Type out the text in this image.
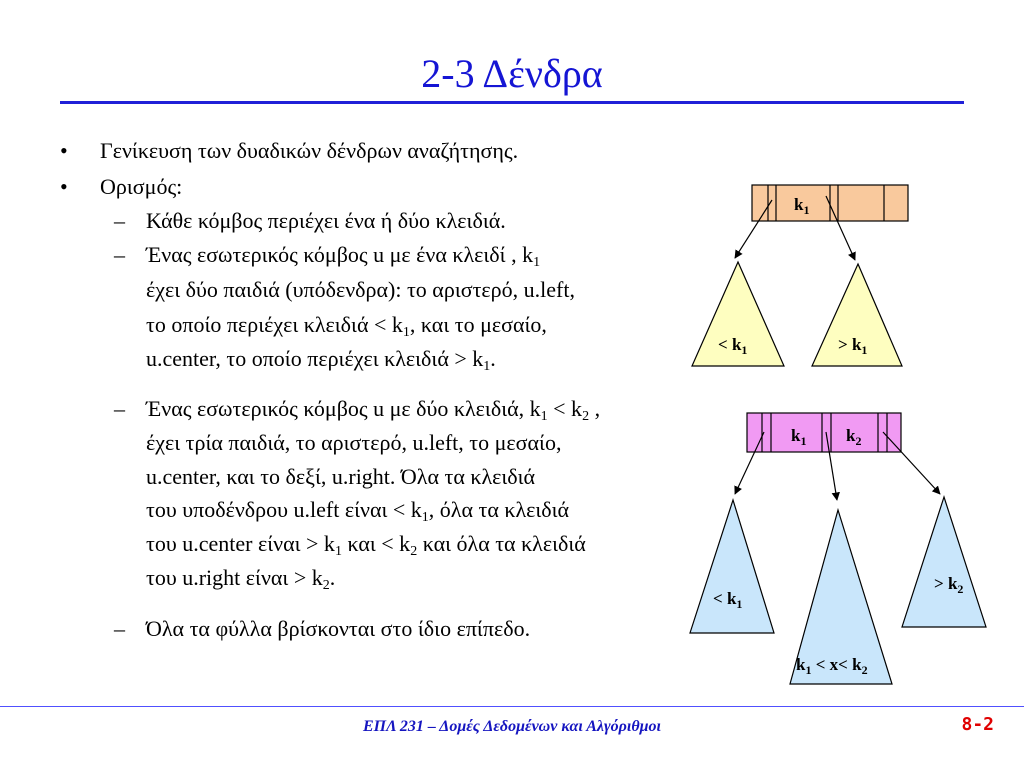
2-3 Δένδρα
• Γενίκευση των δυαδικών δένδρων αναζήτησης.
• Ορισμός:
– Κάθε κόμβος περιέχει ένα ή δύο κλειδιά.
– Ένας εσωτερικός κόμβος u με ένα κλειδί , $k_1$
έχει δύο παιδιά (υπόδενδρα): το αριστερό, u.left,
το οποίο περιέχει $\kappa\lambda\varepsilon\iota\delta\iota ά < k_1$, και το μεσαίο,
u.center, το οποίο περιέχει $\kappa\lambda\varepsilon\iota\delta\iota ά > k_1$.
– Ένας εσωτερικός κόμβος u με δύο κλειδιά, $k_1 < k_2$ ,
έχει τρία παιδιά, το αριστερό, u.left, το μεσαίο,
u.center, και το δεξί, u.right. Όλα τα κλειδιά
του υποδένδρου u.left $\varepsilon ί\nu\alpha\iota < k_1$, όλα τα κλειδιά
του u.center $\varepsilon ί\nu\alpha\iota > k_1$ $\kappa\alpha\iota < k_2$ και όλα τα κλειδιά
του u.right $\varepsilon ί\nu\alpha\iota > k_2$.
– Όλα τα φύλλα βρίσκονται στο ίδιο επίπεδο.
$k_1$
< $k_1$	> $k_1$
$k_1$ $k_2$
< $k_1$
$k_1 < x< k_2$
> $k_2$
ΕΠΛ 231 – Δομές Δεδομένων και Αλγόριθμοι	8-2
